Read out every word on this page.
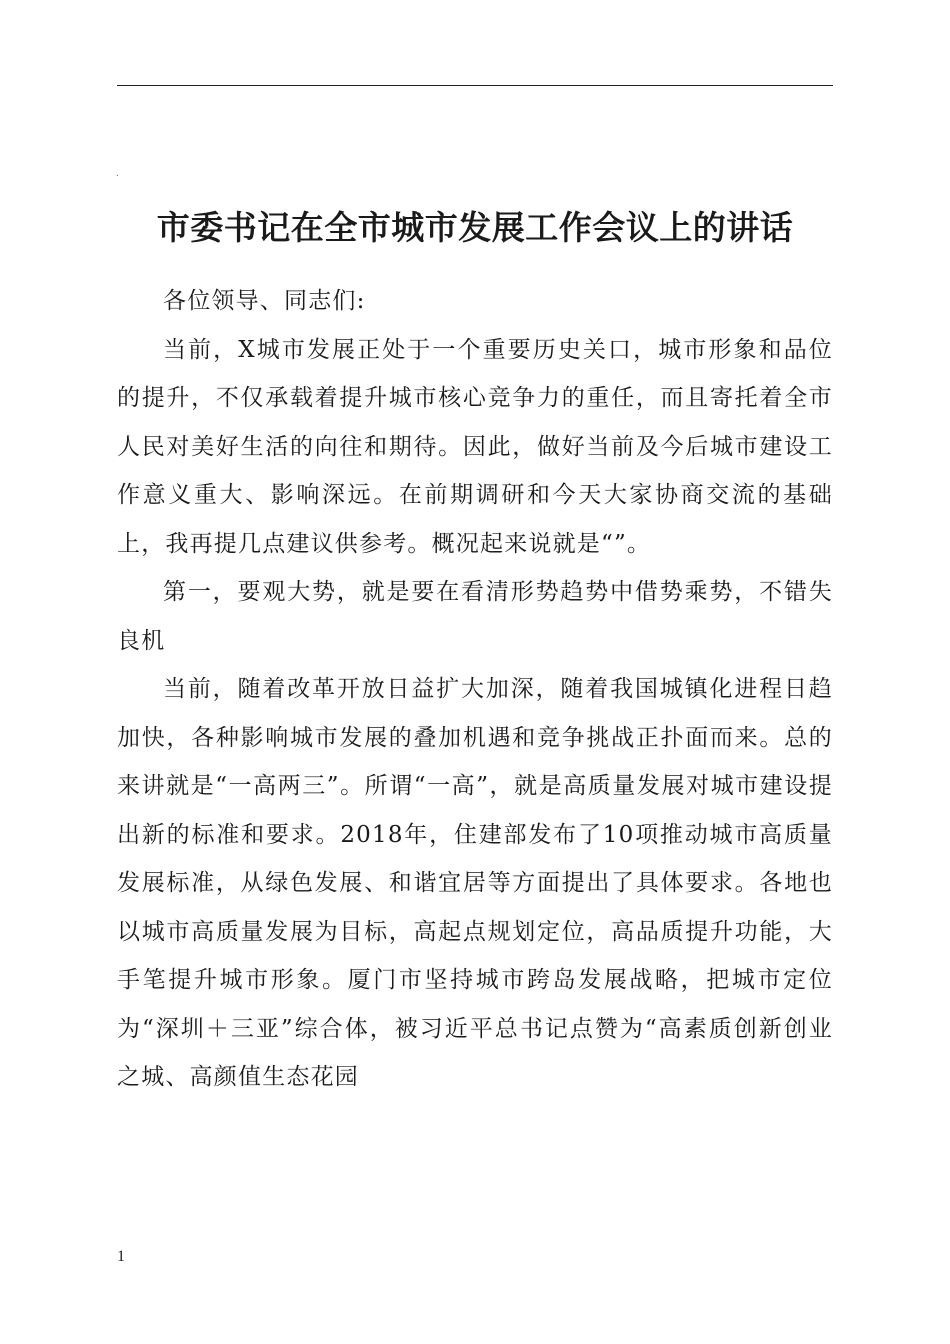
.
市委书记在全市城市发展工作会议上的讲话

各位领导、同志们:

当前，X城市发展正处于一个重要历史关口，城市形象和品位的提升，不仅承载着提升城市核心竞争力的重任，而且寄托着全市人民对美好生活的向往和期待。因此，做好当前及今后城市建设工作意义重大、影响深远。在前期调研和今天大家协商交流的基础上，我再提几点建议供参考。概况起来说就是“”。

第一，要观大势，就是要在看清形势趋势中借势乘势，不错失良机

当前，随着改革开放日益扩大加深，随着我国城镇化进程日趋加快，各种影响城市发展的叠加机遇和竞争挑战正扑面而来。总的来讲就是“一高两三”。所谓“一高”，就是高质量发展对城市建设提出新的标准和要求。2018年，住建部发布了10项推动城市高质量发展标准，从绿色发展、和谐宜居等方面提出了具体要求。各地也以城市高质量发展为目标，高起点规划定位，高品质提升功能，大手笔提升城市形象。厦门市坚持城市跨岛发展战略，把城市定位为“深圳＋三亚”综合体，被习近平总书记点赞为“高素质创新创业之城、高颜值生态花园

1
